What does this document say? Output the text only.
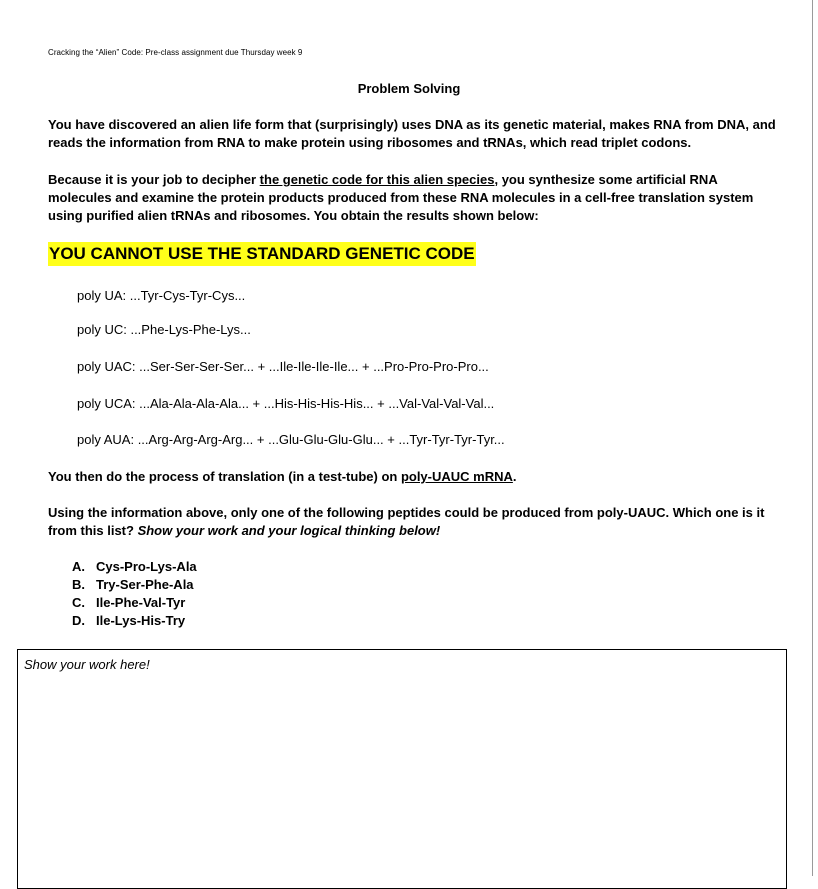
Cracking the “Alien” Code: Pre-class assignment due Thursday week 9
Problem Solving
You have discovered an alien life form that (surprisingly) uses DNA as its genetic material, makes RNA from DNA, and reads the information from RNA to make protein using ribosomes and tRNAs, which read triplet codons.
Because it is your job to decipher the genetic code for this alien species, you synthesize some artificial RNA molecules and examine the protein products produced from these RNA molecules in a cell-free translation system using purified alien tRNAs and ribosomes. You obtain the results shown below:
YOU CANNOT USE THE STANDARD GENETIC CODE
poly UA: ...Tyr-Cys-Tyr-Cys...
poly UC: ...Phe-Lys-Phe-Lys...
poly UAC: ...Ser-Ser-Ser-Ser... + ...Ile-Ile-Ile-Ile... + ...Pro-Pro-Pro-Pro...
poly UCA: ...Ala-Ala-Ala-Ala... + ...His-His-His-His... + ...Val-Val-Val-Val...
poly AUA: ...Arg-Arg-Arg-Arg... + ...Glu-Glu-Glu-Glu... + ...Tyr-Tyr-Tyr-Tyr...
You then do the process of translation (in a test-tube) on poly-UAUC mRNA.
Using the information above, only one of the following peptides could be produced from poly-UAUC. Which one is it from this list? Show your work and your logical thinking below!
A. Cys-Pro-Lys-Ala
B. Try-Ser-Phe-Ala
C. Ile-Phe-Val-Tyr
D. Ile-Lys-His-Try
Show your work here!
